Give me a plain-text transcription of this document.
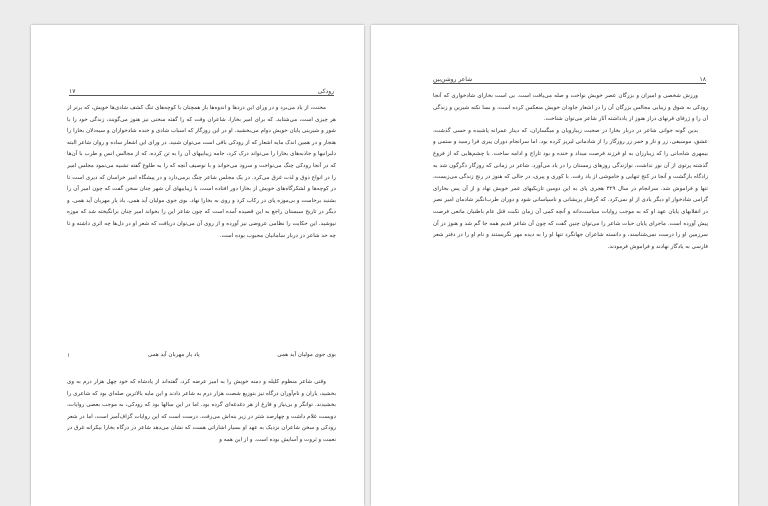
۱۷	رودکی
محنت، از یاد می‌برد و در ورای این دردها و اندوه‌ها باز همچنان با کوچه‌های تنگ کشف شادی‌ها خویش، که برتر از هر چیزی است، می‌شتابد. که برای امیر بخارا، شاعران وقت که را گفته سخنی نیز هنوز می‌گویند، زندگی خود را با شور و شیرینی پایان خویش دوام می‌بخشید. او در این روزگار که اسباب شادی و خنده شادخواران و سیه‌دلان بخارا را هنجار و در همین اندک مایه اشعار که از رودکی باقی است می‌توان شنید. در ورای این اشعار ساده و روان شاعر البته دلبرانیها و جاذبه‌های بخارا را می‌تواند درک کرد، جامه زیباییهای آن را به تن کرده، که از مجالس انس و طرب با آن‌ها که در آنجا رودکی چنگ می‌نواخت و سرود می‌خواند و با توصیف آنچه که را به طلوع گفته تشبیه می‌نمود مجلس امیر را در انواع ذوق و لذت غرق می‌کرد. در یک مجلس شاعر چنگ برمی‌دارد و در پیشگاه امیر خراسان که دیری است تا در کوچه‌ها و لشکرگاه‌های خویش از بخارا دور افتاده است، با زیباییهای آن شهر چنان سخن گفت که چون امیر آن را بشنید برخاست و بی‌موزه پای در رکاب کرد و روی به بخارا نهاد. بوی جوی مولیان آید همی، یاد یار مهربان آید همی. و دیگر در تاریخ سیستان راجع به این قصیده آمده است که چون شاعر این را بخواند امیر چنان برانگیخته شد که موزه نپوشید. این حکایت را نظامی عروضی نیز آورده و از روی آن می‌توان دریافت که شعر او در دل‌ها چه اثری داشته و تا چه حد شاعر در دربار سامانیان محبوب بوده است.
بوی جوی مولیان آید همی
یاد یار مهربان آید همی
۱
وقتی شاعر منظوم کلیله و دمنه خویش را به امیر عرضه کرد، گفته‌اند از پادشاه که خود چهل هزار درم به وی بخشید، یاران و نام‌آوران درگاه نیز بتوزیع شصت هزار درم به شاعر دادند و این مایه بالاترین صله‌ای بود که شاعری را بخشیدند. توانگر و بی‌نیاز و فارغ از هر دغدغه‌ای گرده بود. اما در این سالها بود که رودکی، به موجب بعضی روایات، دویست غلام داشت و چهارصد شتر در زیر بنه‌اش می‌رفت. درست است که این روایات گزاف‌آمیز است، اما در شعر رودکی و سخن شاعران نزدیک به عهد او بسیار اشاراتی هست که نشان می‌دهد شاعر در درگاه بخارا بیکرانه غرق در نعمت و ثروت و آسایش بوده است. و از این همه و
شاعر روشن‌بین	۱۸
ورزش شخصی و امیران و بزرگان عصر خویش نواخت و صله می‌یافت است. بی است بخارای شادخواری که آنجا رودکی به شوق و زیبایی مجالس بزرگان آن را در اشعار جاودان خویش منعکس کرده است، و بسا نکته شیرین و زندگی آن را و ژرفای قرنهای دراز هنوز از یادداشته آثار شاعر می‌توان شناخت.
بدین گونه جوانی شاعر در دربار بخارا در صحبت زیبارویان و میگساران، که دینار عمرانه پاشیده و حسی گذشت، عشق، موسیقی، زر و ناز و خمر زر روزگار را از شادمانی لبریز کرده بود. اما سرانجام دوران پیری فرا رسید و ستمی و بیمهری شاه‌بانی را که زیبارزان به او فرزند فرصت میداد و خنده و بود تاراج و ادامه ساخت. با چشم‌هایی که از فروغ گذشته پرتوی از آن نور نداشت، نوازندگی روزهای زمستان را در یاد می‌آورد. شاعر در زمانی که روزگار دگرگون شد به زادگاه بازگشت و آنجا در کنج تنهایی و خاموشی از یاد رفت. با کوری و پیری، در حالی که هنوز در رنج زندگی می‌زیست، تنها و فراموش شد. سرانجام در سال ۳۲۹ هجری پای به این دومین تاریکیهای عمر خویش نهاد و از آن پس بخارای گرامی شادخوار او دیگر یادی از او نمی‌کرد. که گرفتار پریشانی و ناسپاسانی شود و دوران طرب‌انگیز شادمان امیر نصر در انقلابهای پایان عهد او که به موجب روایات سیاست‌دانه و آنچه کمی آن زمان نکبت قتل عام باطنیان مانعی فرصت پیش آورده است. ماجرای پایان حیات شاعر را می‌توان چنین گفت که چون آن شاعر قدیم همه جا گم شد و هنوز در آن سرزمین او را درست نمی‌شناسند، و دانسته شاعران جهانگرد تنها او را به دیده مهر نگریستند و نام او را در دفتر شعر فارسی به یادگار نهادند و فراموش فرمودند.
